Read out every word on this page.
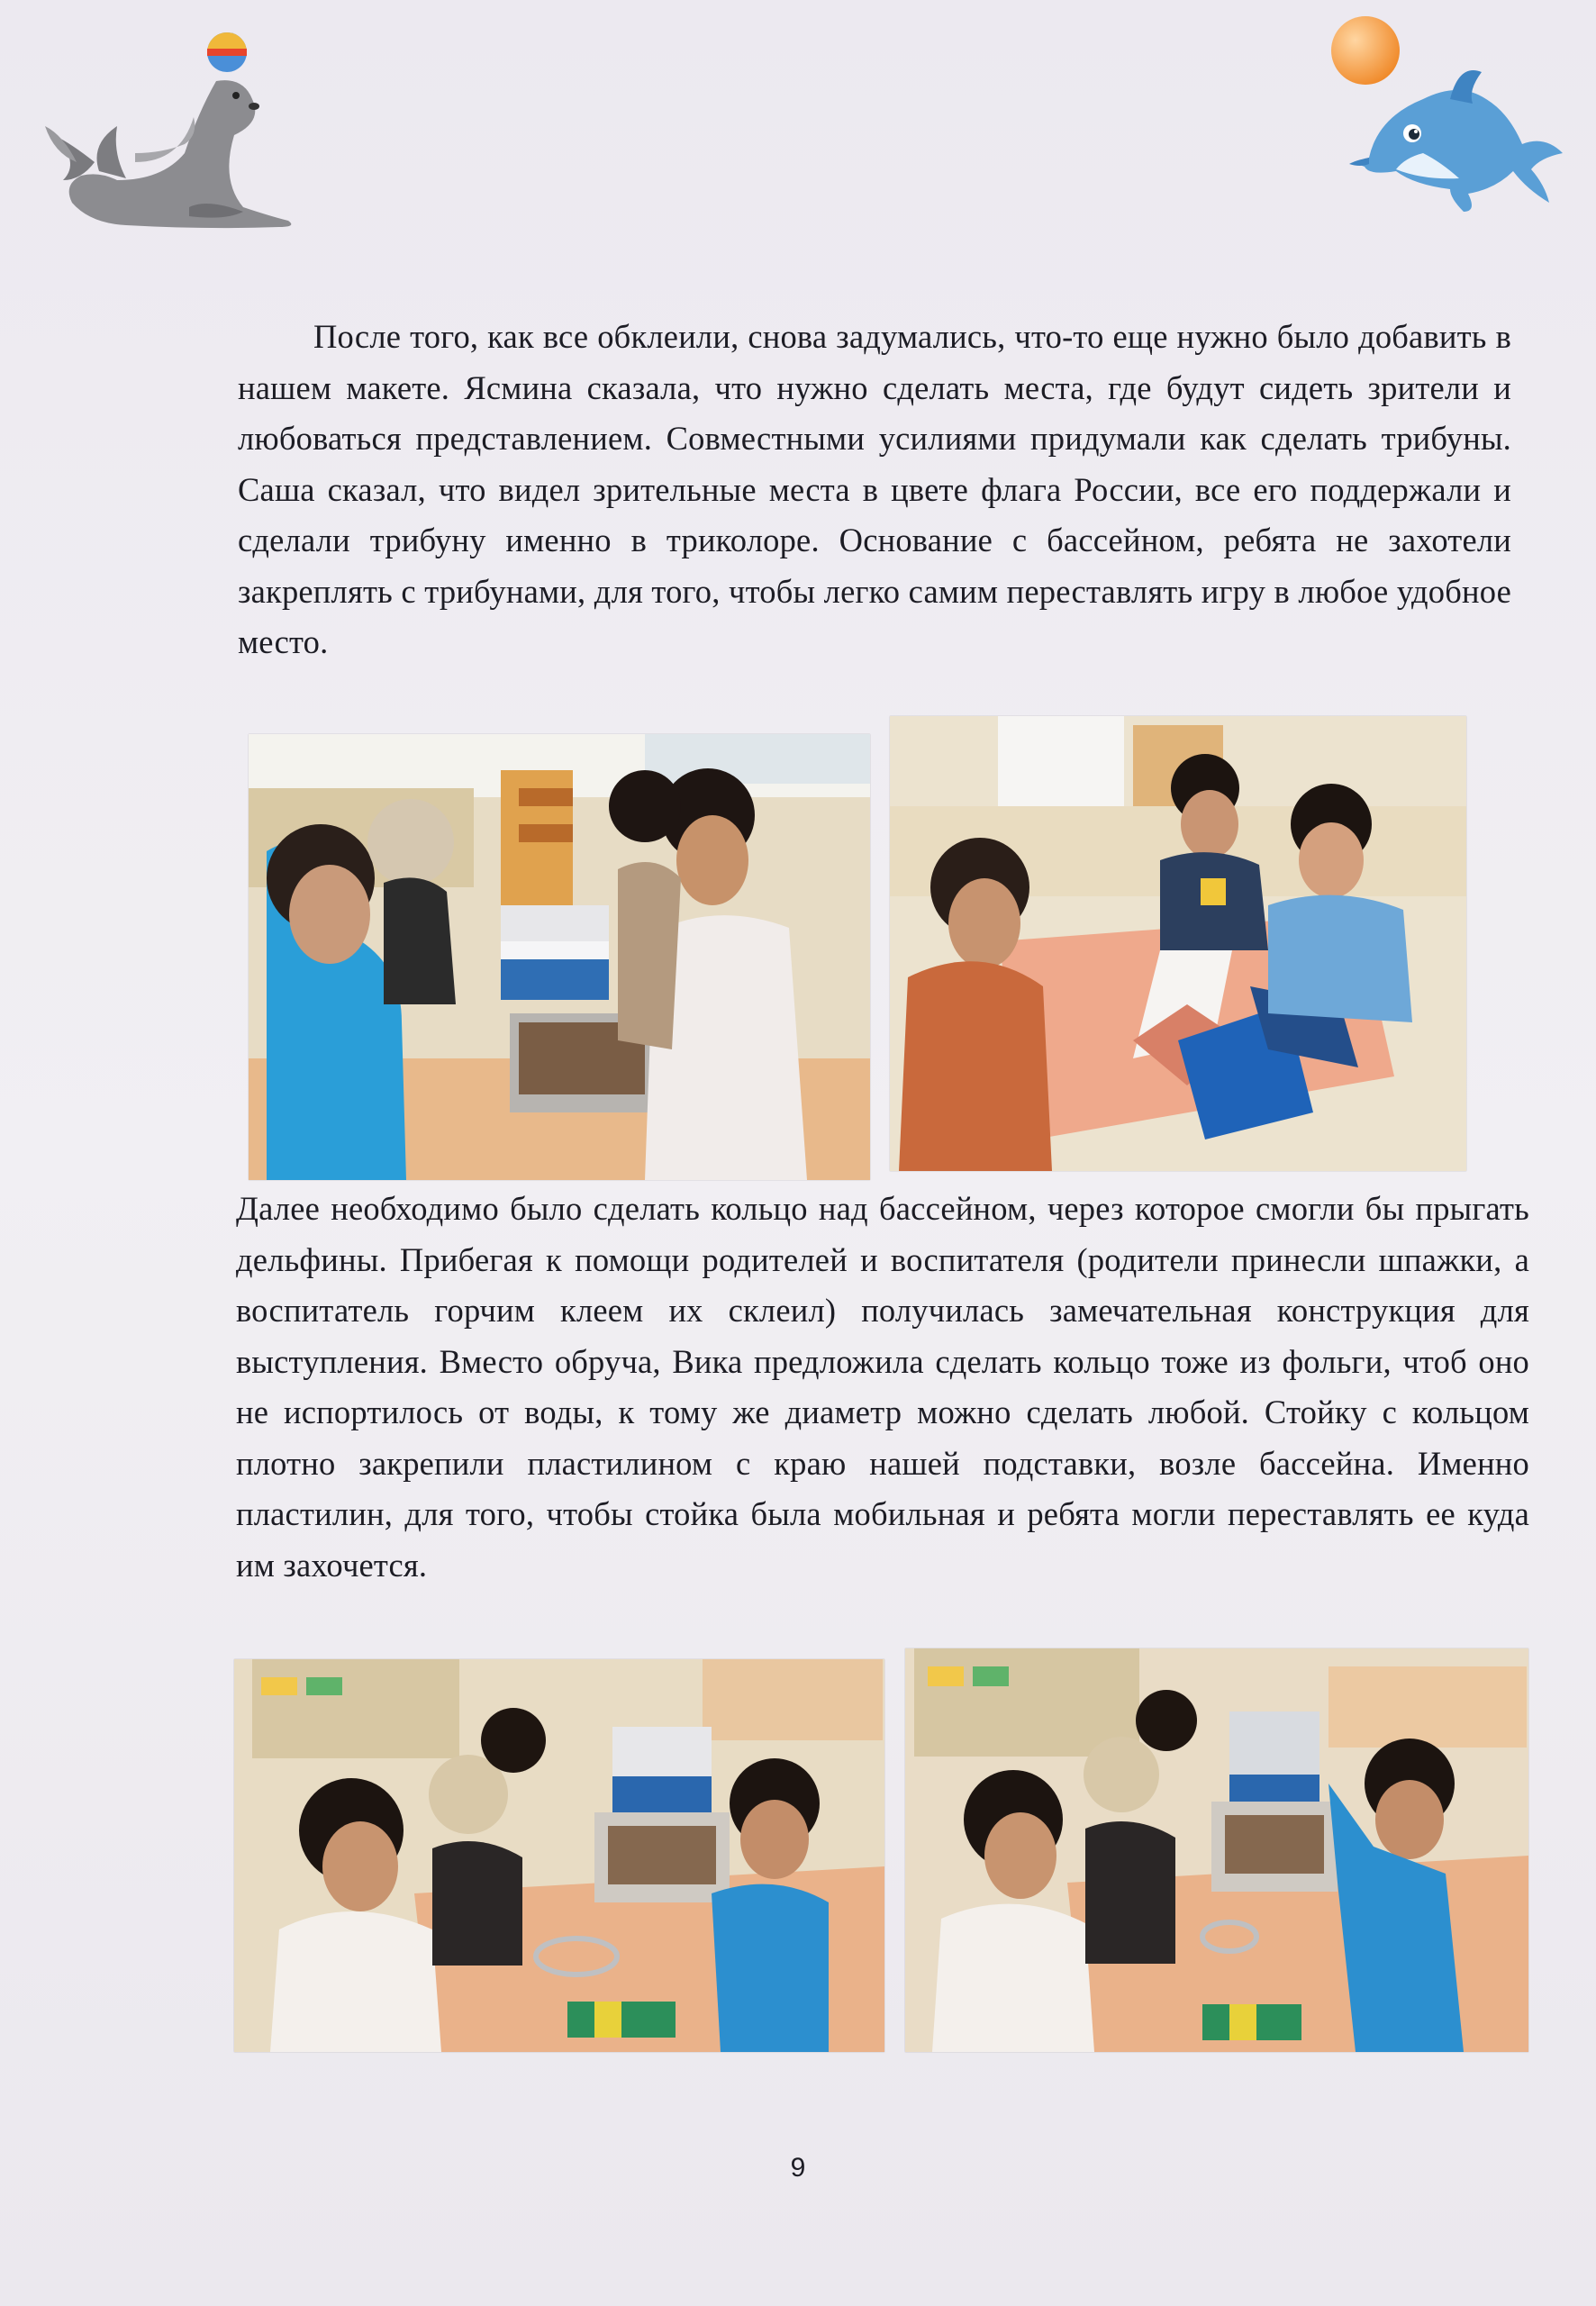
После того, как все обклеили, снова задумались, что-то еще нужно было добавить в нашем макете. Ясмина сказала, что нужно сделать места, где будут сидеть зрители и любоваться представлением. Совместными усилиями придумали как сделать трибуны. Саша сказал, что видел зрительные места в цвете флага России, все его поддержали и сделали трибуну именно в триколоре. Основание с бассейном, ребята не захотели закреплять с трибунами, для того, чтобы легко самим переставлять игру в любое удобное место.

Далее необходимо было сделать кольцо над бассейном, через которое смогли бы прыгать дельфины. Прибегая к помощи родителей и воспитателя (родители принесли шпажки, а воспитатель горчим клеем их склеил) получилась замечательная конструкция для выступления. Вместо обруча, Вика предложила сделать кольцо тоже из фольги, чтоб оно не испортилось от воды, к тому же диаметр можно сделать любой. Стойку с кольцом плотно закрепили пластилином с краю нашей подставки, возле бассейна. Именно пластилин, для того, чтобы стойка была мобильная и ребята могли переставлять ее куда им захочется.

9
